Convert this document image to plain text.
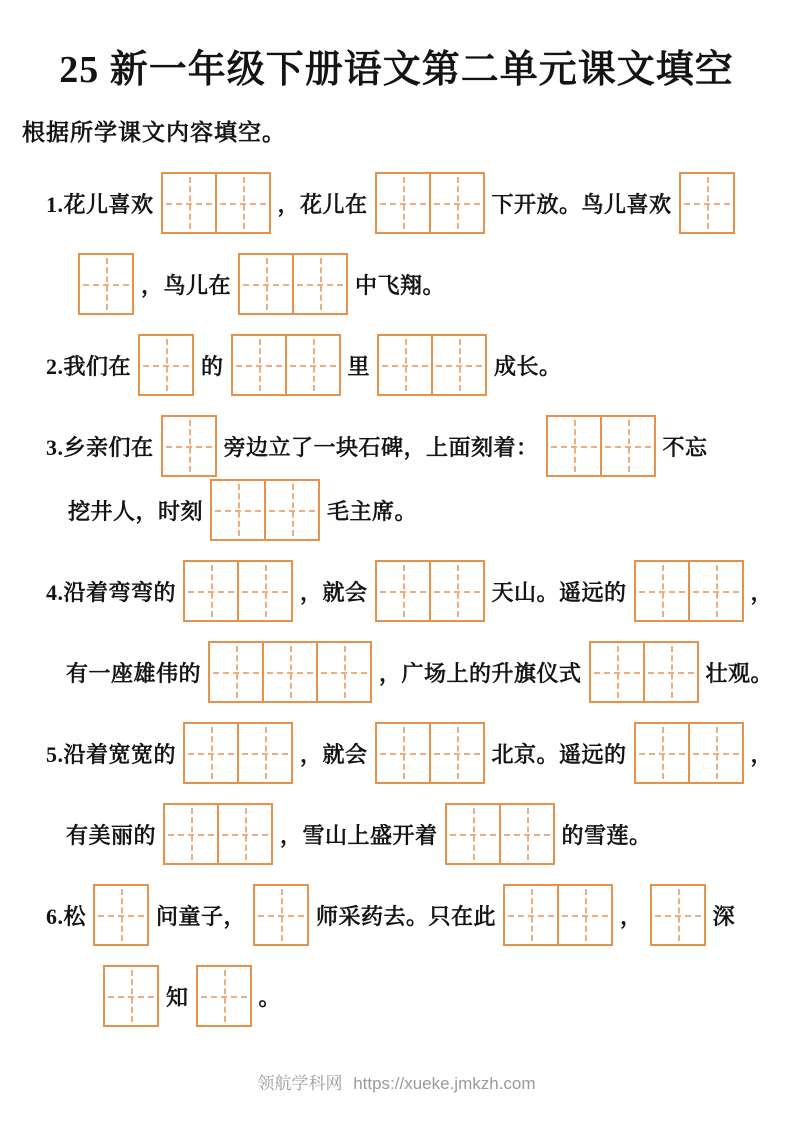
25 新一年级下册语文第二单元课文填空
根据所学课文内容填空。
1.花儿喜欢	，花儿在	下开放。鸟儿喜欢
，鸟儿在	中飞翔。
2.我们在	的	里	成长。
3.乡亲们在	旁边立了一块石碑，上面刻着：	不忘
挖井人，时刻	毛主席。
4.沿着弯弯的	，就会	天山。遥远的	，
有一座雄伟的	，广场上的升旗仪式	壮观。
5.沿着宽宽的	，就会	北京。遥远的	，
有美丽的	，雪山上盛开着	的雪莲。
6.松	问童子，	师采药去。只在此	，	深
知	。
领航学科网 https://xueke.jmkzh.com
